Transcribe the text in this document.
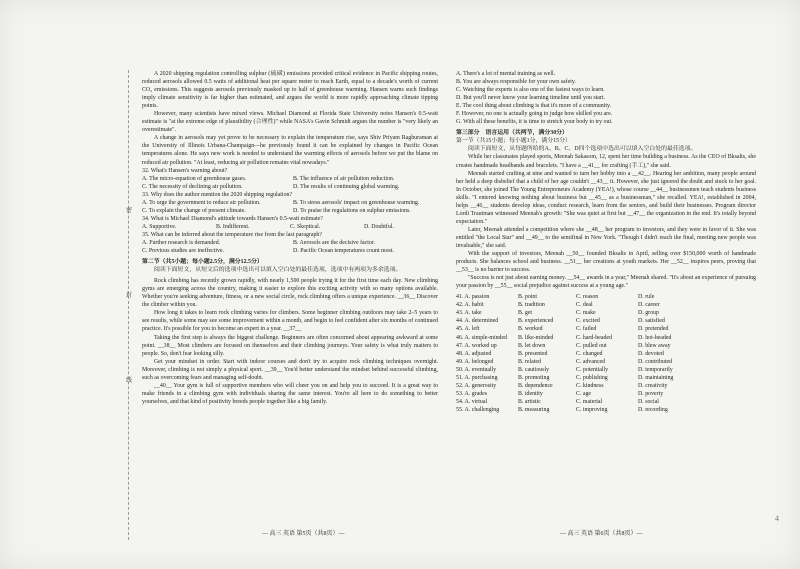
密
封
线

A 2020 shipping regulation controlling sulphur (硫磺) emissions provided critical evidence in Pacific shipping routes, reduced aerosols allowed 0.5 watts of additional heat per square meter to reach Earth, equal to a decade's worth of current CO₂ emissions. This suggests aerosols previously masked up to half of greenhouse warming. Hansen warns such findings imply climate sensitivity is far higher than estimated, and argues the world is more rapidly approaching climate tipping points.

However, many scientists have mixed views. Michael Diamond at Florida State University notes Hansen's 0.5-watt estimate is "at the extreme edge of plausibility (合理性)" while NASA's Gavin Schmidt argues the number is "very likely an overestimate".

A change in aerosols may yet prove to be necessary to explain the temperature rise, says Shiv Priyam Raghuraman at the University of Illinois Urbana-Champaign—he previously found it can be explained by changes in Pacific Ocean temperatures alone. He says new work is needed to understand the warming effects of aerosols before we put the blame on reduced air pollution. "At least, reducing air pollution remains vital nowadays."

32. What's Hansen's warning about?

A. The micro-equation of greenhouse gases.	B. The influence of air pollution reduction.
C. The necessity of declining air pollution.	D. The results of continuing global warming.

33. Why does the author mention the 2020 shipping regulation?

A. To urge the government to reduce air pollution.	B. To stress aerosols' impact on greenhouse warming.
C. To explain the change of present climate.	D. To praise the regulations on sulphur emissions.

34. What is Michael Diamond's attitude towards Hansen's 0.5-watt estimate?

A. Supportive.	B. Indifferent.	C. Skeptical.	D. Doubtful.

35. What can be inferred about the temperature rise from the last paragraph?

A. Further research is demanded.	B. Aerosols are the decisive factor.
C. Previous studies are ineffective.	D. Pacific Ocean temperatures count most.

第二节（共5小题；每小题2.5分，满分12.5分）

阅读下面短文，从短文后的选项中选出可以填入空白处的最佳选项，选项中有两项为多余选项。

Rock climbing has recently grown rapidly, with nearly 1,500 people trying it for the first time each day. New climbing gyms are emerging across the country, making it easier to explore this exciting activity with so many options available. Whether you're seeking adventure, fitness, or a new social circle, rock climbing offers a unique experience. __36__ Discover the climber within you.

How long it takes to learn rock climbing varies for climbers. Some beginner climbing outdoors may take 2–5 years to see results, while some may see some improvement within a month, and begin to feel confident after six months of continued practice. It's possible for you to become an expert in a year. __37__

Taking the first step is always the biggest challenge. Beginners are often concerned about appearing awkward at some point. __38__ Most climbers are focused on themselves and their climbing journeys. Your safety is what truly matters to people. So, don't fear looking silly.

Get your mindset in order. Start with indoor courses and don't try to acquire rock climbing techniques overnight. Moreover, climbing is not simply a physical sport. __39__ You'd better understand the mindset behind successful climbing, such as overcoming fears and managing self-doubt.

__40__ Your gym is full of supportive members who will cheer you on and help you to succeed. It is a great way to make friends in a climbing gym with individuals sharing the same interest. You're all here to do something to better yourselves, and that kind of positivity breeds people together like a big family.

— 高三 英语 第5页（共8页）—

A. There's a lot of mental training as well.

B. You are always responsible for your own safety.

C. Watching the experts is also one of the fastest ways to learn.

D. But you'll never know your learning timeline until you start.

E. The cool thing about climbing is that it's more of a community.

F. However, no one is actually going to judge how skilled you are.

G. With all these benefits, it is time to stretch your body to try out.

第三部分　语言运用（共两节，满分30分）

第一节（共15小题；每小题1分，满分15分）

阅读下面短文，从每题所给的A、B、C、D四个选项中选出可以填入空白处的最佳选项。

While her classmates played sports, Meenah Sakasom, 12, spent her time building a business. As the CEO of Bksalts, she creates handmade headbands and bracelets. "I have a __41__ for crafting (手工)," she said.

Meenah started crafting at nine and wanted to turn her hobby into a __42__. Hearing her ambition, many people around her held a deep disbelief that a child of her age couldn't __43__ it. However, she just ignored the doubt and stuck to her goal. In October, she joined The Young Entrepreneurs Academy (YEA!), whose course __44__ businessmen teach students business skills. "I entered knowing nothing about business but __45__ as a businessman," she recalled. YEA!, established in 2004, helps __46__ students develop ideas, conduct research, learn from the seniors, and build their businesses. Program director Lordi Trautman witnessed Meenah's growth: "She was quiet at first but __47__ the organization in the end. It's totally beyond expectation."

Later, Meenah attended a competition where she __48__ her program to investors, and they were in favor of it. She was entitled "the Local Star" and __49__ to the semifinal in New York. "Though I didn't reach the final, meeting new people was invaluable," she said.

With the support of investors, Meenah __50__ founded Bksalts in April, selling over $150,000 worth of handmade products. She balances school and business. __51__ her creations at youth markets. Her __52__ inspires peers, proving that __53__ is no barrier to success.

"Success is not just about earning money. __54__ awards in a year," Meenah shared. "It's about an experience of pursuing your passion by __55__ social prejudice against success at a young age."

41. A. passion	B. point	C. reason	D. rule
42. A. habit	B. tradition	C. deal	D. career
43. A. take	B. get	C. make	D. group
44. A. determined	B. experienced	C. excited	D. satisfied
45. A. left	B. worked	C. failed	D. pretended
46. A. simple-minded	B. like-minded	C. hard-headed	D. hot-headed
47. A. worked up	B. let down	C. pulled out	D. blew away
48. A. adjusted	B. presented	C. changed	D. devoted
49. A. belonged	B. related	C. advanced	D. contributed
50. A. eventually	B. cautiously	C. potentially	D. temporarily
51. A. purchasing	B. promoting	C. publishing	D. maintaining
52. A. generosity	B. dependence	C. kindness	D. creativity
53. A. grades	B. identity	C. age	D. poverty
54. A. virtual	B. artistic	C. material	D. social
55. A. challenging	B. measuring	C. improving	D. recording
— 高三 英语 第6页（共8页）—
4
